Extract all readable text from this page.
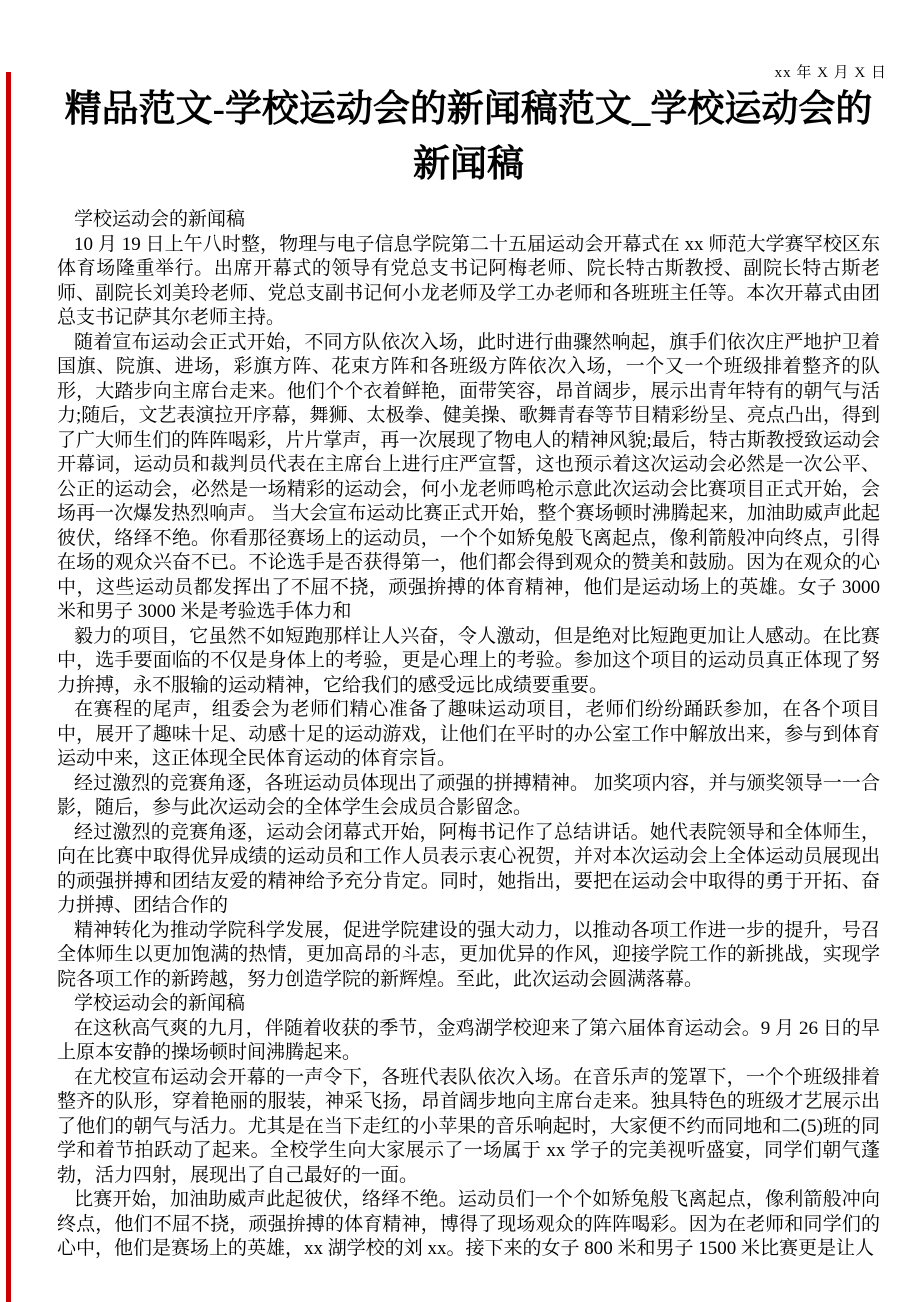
xx 年 X 月 X 日
精品范文-学校运动会的新闻稿范文_学校运动会的新闻稿

学校运动会的新闻稿

10 月 19 日上午八时整，物理与电子信息学院第二十五届运动会开幕式在 xx 师范大学赛罕校区东体育场隆重举行。出席开幕式的领导有党总支书记阿梅老师、院长特古斯教授、副院长特古斯老师、副院长刘美玲老师、党总支副书记何小龙老师及学工办老师和各班班主任等。本次开幕式由团总支书记萨其尔老师主持。

随着宣布运动会正式开始，不同方队依次入场，此时进行曲骤然响起，旗手们依次庄严地护卫着国旗、院旗、进场，彩旗方阵、花束方阵和各班级方阵依次入场，一个又一个班级排着整齐的队形，大踏步向主席台走来。他们个个衣着鲜艳，面带笑容，昂首阔步，展示出青年特有的朝气与活力;随后，文艺表演拉开序幕，舞狮、太极拳、健美操、歌舞青春等节目精彩纷呈、亮点凸出，得到了广大师生们的阵阵喝彩，片片掌声，再一次展现了物电人的精神风貌;最后，特古斯教授致运动会开幕词，运动员和裁判员代表在主席台上进行庄严宣誓，这也预示着这次运动会必然是一次公平、公正的运动会，必然是一场精彩的运动会，何小龙老师鸣枪示意此次运动会比赛项目正式开始，会场再一次爆发热烈响声。 当大会宣布运动比赛正式开始，整个赛场顿时沸腾起来，加油助威声此起彼伏，络绎不绝。你看那径赛场上的运动员，一个个如矫兔般飞离起点，像利箭般冲向终点，引得在场的观众兴奋不已。不论选手是否获得第一，他们都会得到观众的赞美和鼓励。因为在观众的心中，这些运动员都发挥出了不屈不挠，顽强拚搏的体育精神，他们是运动场上的英雄。女子 3000 米和男子 3000 米是考验选手体力和

毅力的项目，它虽然不如短跑那样让人兴奋，令人激动，但是绝对比短跑更加让人感动。在比赛中，选手要面临的不仅是身体上的考验，更是心理上的考验。参加这个项目的运动员真正体现了努力拚搏，永不服输的运动精神，它给我们的感受远比成绩要重要。

在赛程的尾声，组委会为老师们精心准备了趣味运动项目，老师们纷纷踊跃参加，在各个项目中，展开了趣味十足、动感十足的运动游戏，让他们在平时的办公室工作中解放出来，参与到体育运动中来，这正体现全民体育运动的体育宗旨。

经过激烈的竞赛角逐，各班运动员体现出了顽强的拼搏精神。 加奖项内容，并与颁奖领导一一合影，随后，参与此次运动会的全体学生会成员合影留念。

经过激烈的竞赛角逐，运动会闭幕式开始，阿梅书记作了总结讲话。她代表院领导和全体师生，向在比赛中取得优异成绩的运动员和工作人员表示衷心祝贺，并对本次运动会上全体运动员展现出的顽强拼搏和团结友爱的精神给予充分肯定。同时，她指出，要把在运动会中取得的勇于开拓、奋力拼搏、团结合作的

精神转化为推动学院科学发展，促进学院建设的强大动力，以推动各项工作进一步的提升，号召全体师生以更加饱满的热情，更加高昂的斗志，更加优异的作风，迎接学院工作的新挑战，实现学院各项工作的新跨越，努力创造学院的新辉煌。至此，此次运动会圆满落幕。

学校运动会的新闻稿

在这秋高气爽的九月，伴随着收获的季节，金鸡湖学校迎来了第六届体育运动会。9 月 26 日的早上原本安静的操场顿时间沸腾起来。

在尤校宣布运动会开幕的一声令下，各班代表队依次入场。在音乐声的笼罩下，一个个班级排着整齐的队形，穿着艳丽的服装，神采飞扬，昂首阔步地向主席台走来。独具特色的班级才艺展示出了他们的朝气与活力。尤其是在当下走红的小苹果的音乐响起时，大家便不约而同地和二(5)班的同学和着节拍跃动了起来。全校学生向大家展示了一场属于 xx 学子的完美视听盛宴，同学们朝气蓬勃，活力四射，展现出了自己最好的一面。

比赛开始，加油助威声此起彼伏，络绎不绝。运动员们一个个如矫兔般飞离起点，像利箭般冲向终点，他们不屈不挠，顽强拚搏的体育精神，博得了现场观众的阵阵喝彩。因为在老师和同学们的心中，他们是赛场上的英雄，xx 湖学校的刘 xx。接下来的女子 800 米和男子 1500 米比赛更是让人
